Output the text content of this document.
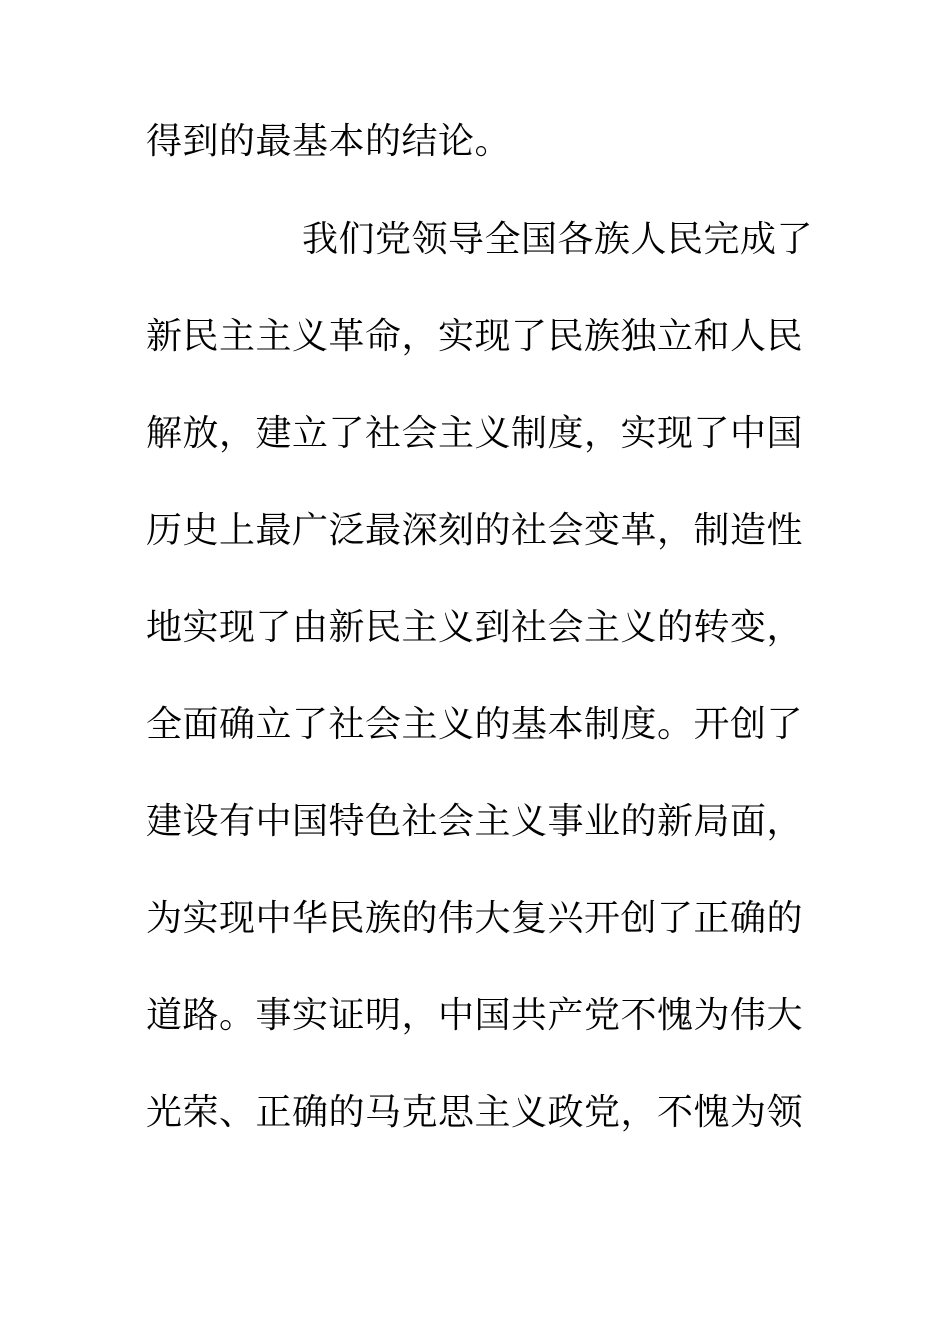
得到的最基本的结论。
我们党领导全国各族人民完成了
新民主主义革命，实现了民族独立和人民
解放，建立了社会主义制度，实现了中国
历史上最广泛最深刻的社会变革，制造性
地实现了由新民主义到社会主义的转变，
全面确立了社会主义的基本制度。开创了
建设有中国特色社会主义事业的新局面，
为实现中华民族的伟大复兴开创了正确的
道路。事实证明，中国共产党不愧为伟大
光荣、正确的马克思主义政党，不愧为领
